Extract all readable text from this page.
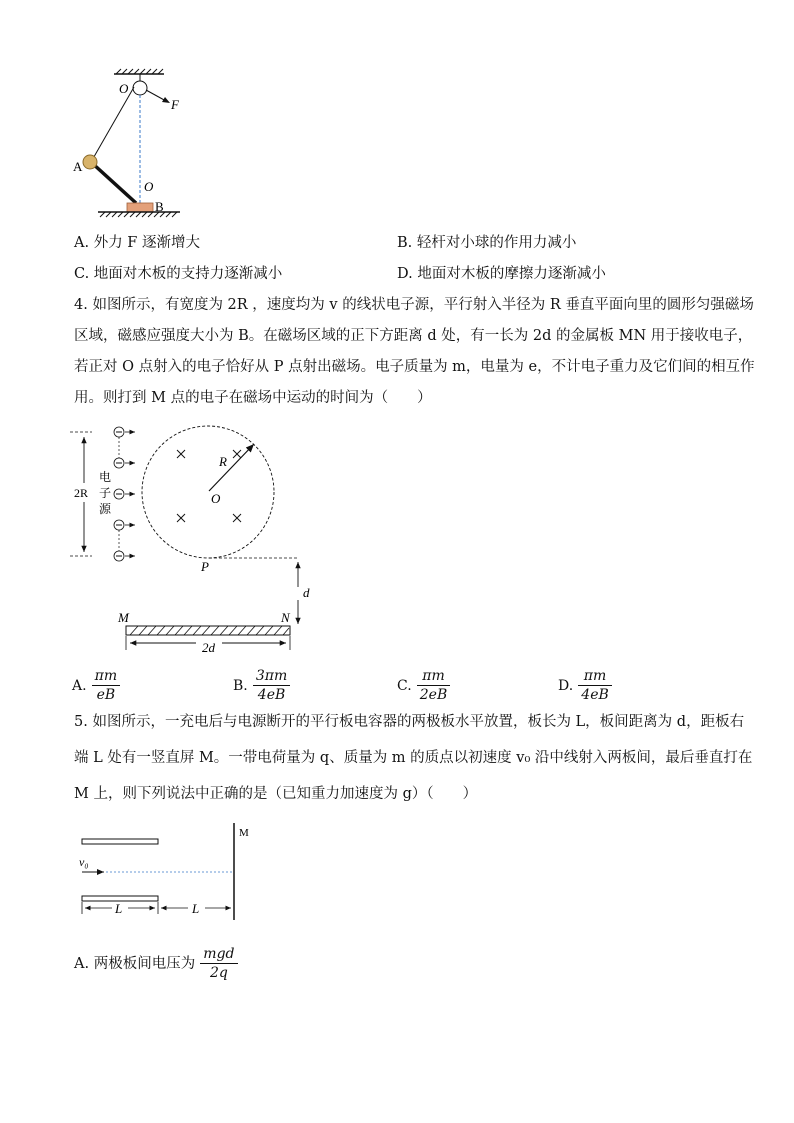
O
F
A
O
B
A. 外力 F 逐渐增大	B. 轻杆对小球的作用力减小
C. 地面对木板的支持力逐渐减小	D. 地面对木板的摩擦力逐渐减小
4. 如图所示，有宽度为 2R ，速度均为 v 的线状电子源，平行射入半径为 R 垂直平面向里的圆形匀强磁场
区域，磁感应强度大小为 B。在磁场区域的正下方距离 d 处，有一长为 2d 的金属板 MN 用于接收电子，
若正对 O 点射入的电子恰好从 P 点射出磁场。电子质量为 m，电量为 e，不计电子重力及它们间的相互作
用。则打到 M 点的电子在磁场中运动的时间为（　　）
2R
电
子
源
R
O
P
d
M	N
2d
A. $\frac{\pi m}{eB}$	B. $\frac{3\pi m}{4eB}$	C. $\frac{\pi m}{2eB}$	D. $\frac{\pi m}{4eB}$
5. 如图所示，一充电后与电源断开的平行板电容器的两极板水平放置，板长为 L，板间距离为 d，距板右
端 L 处有一竖直屏 M。一带电荷量为 q、质量为 m 的质点以初速度 v₀ 沿中线射入两板间，最后垂直打在
M 上，则下列说法中正确的是（已知重力加速度为 g）（　　）
v₀
M
L	L
A. 两极板间电压为 $\frac{\text{mgd}}{2q}$
